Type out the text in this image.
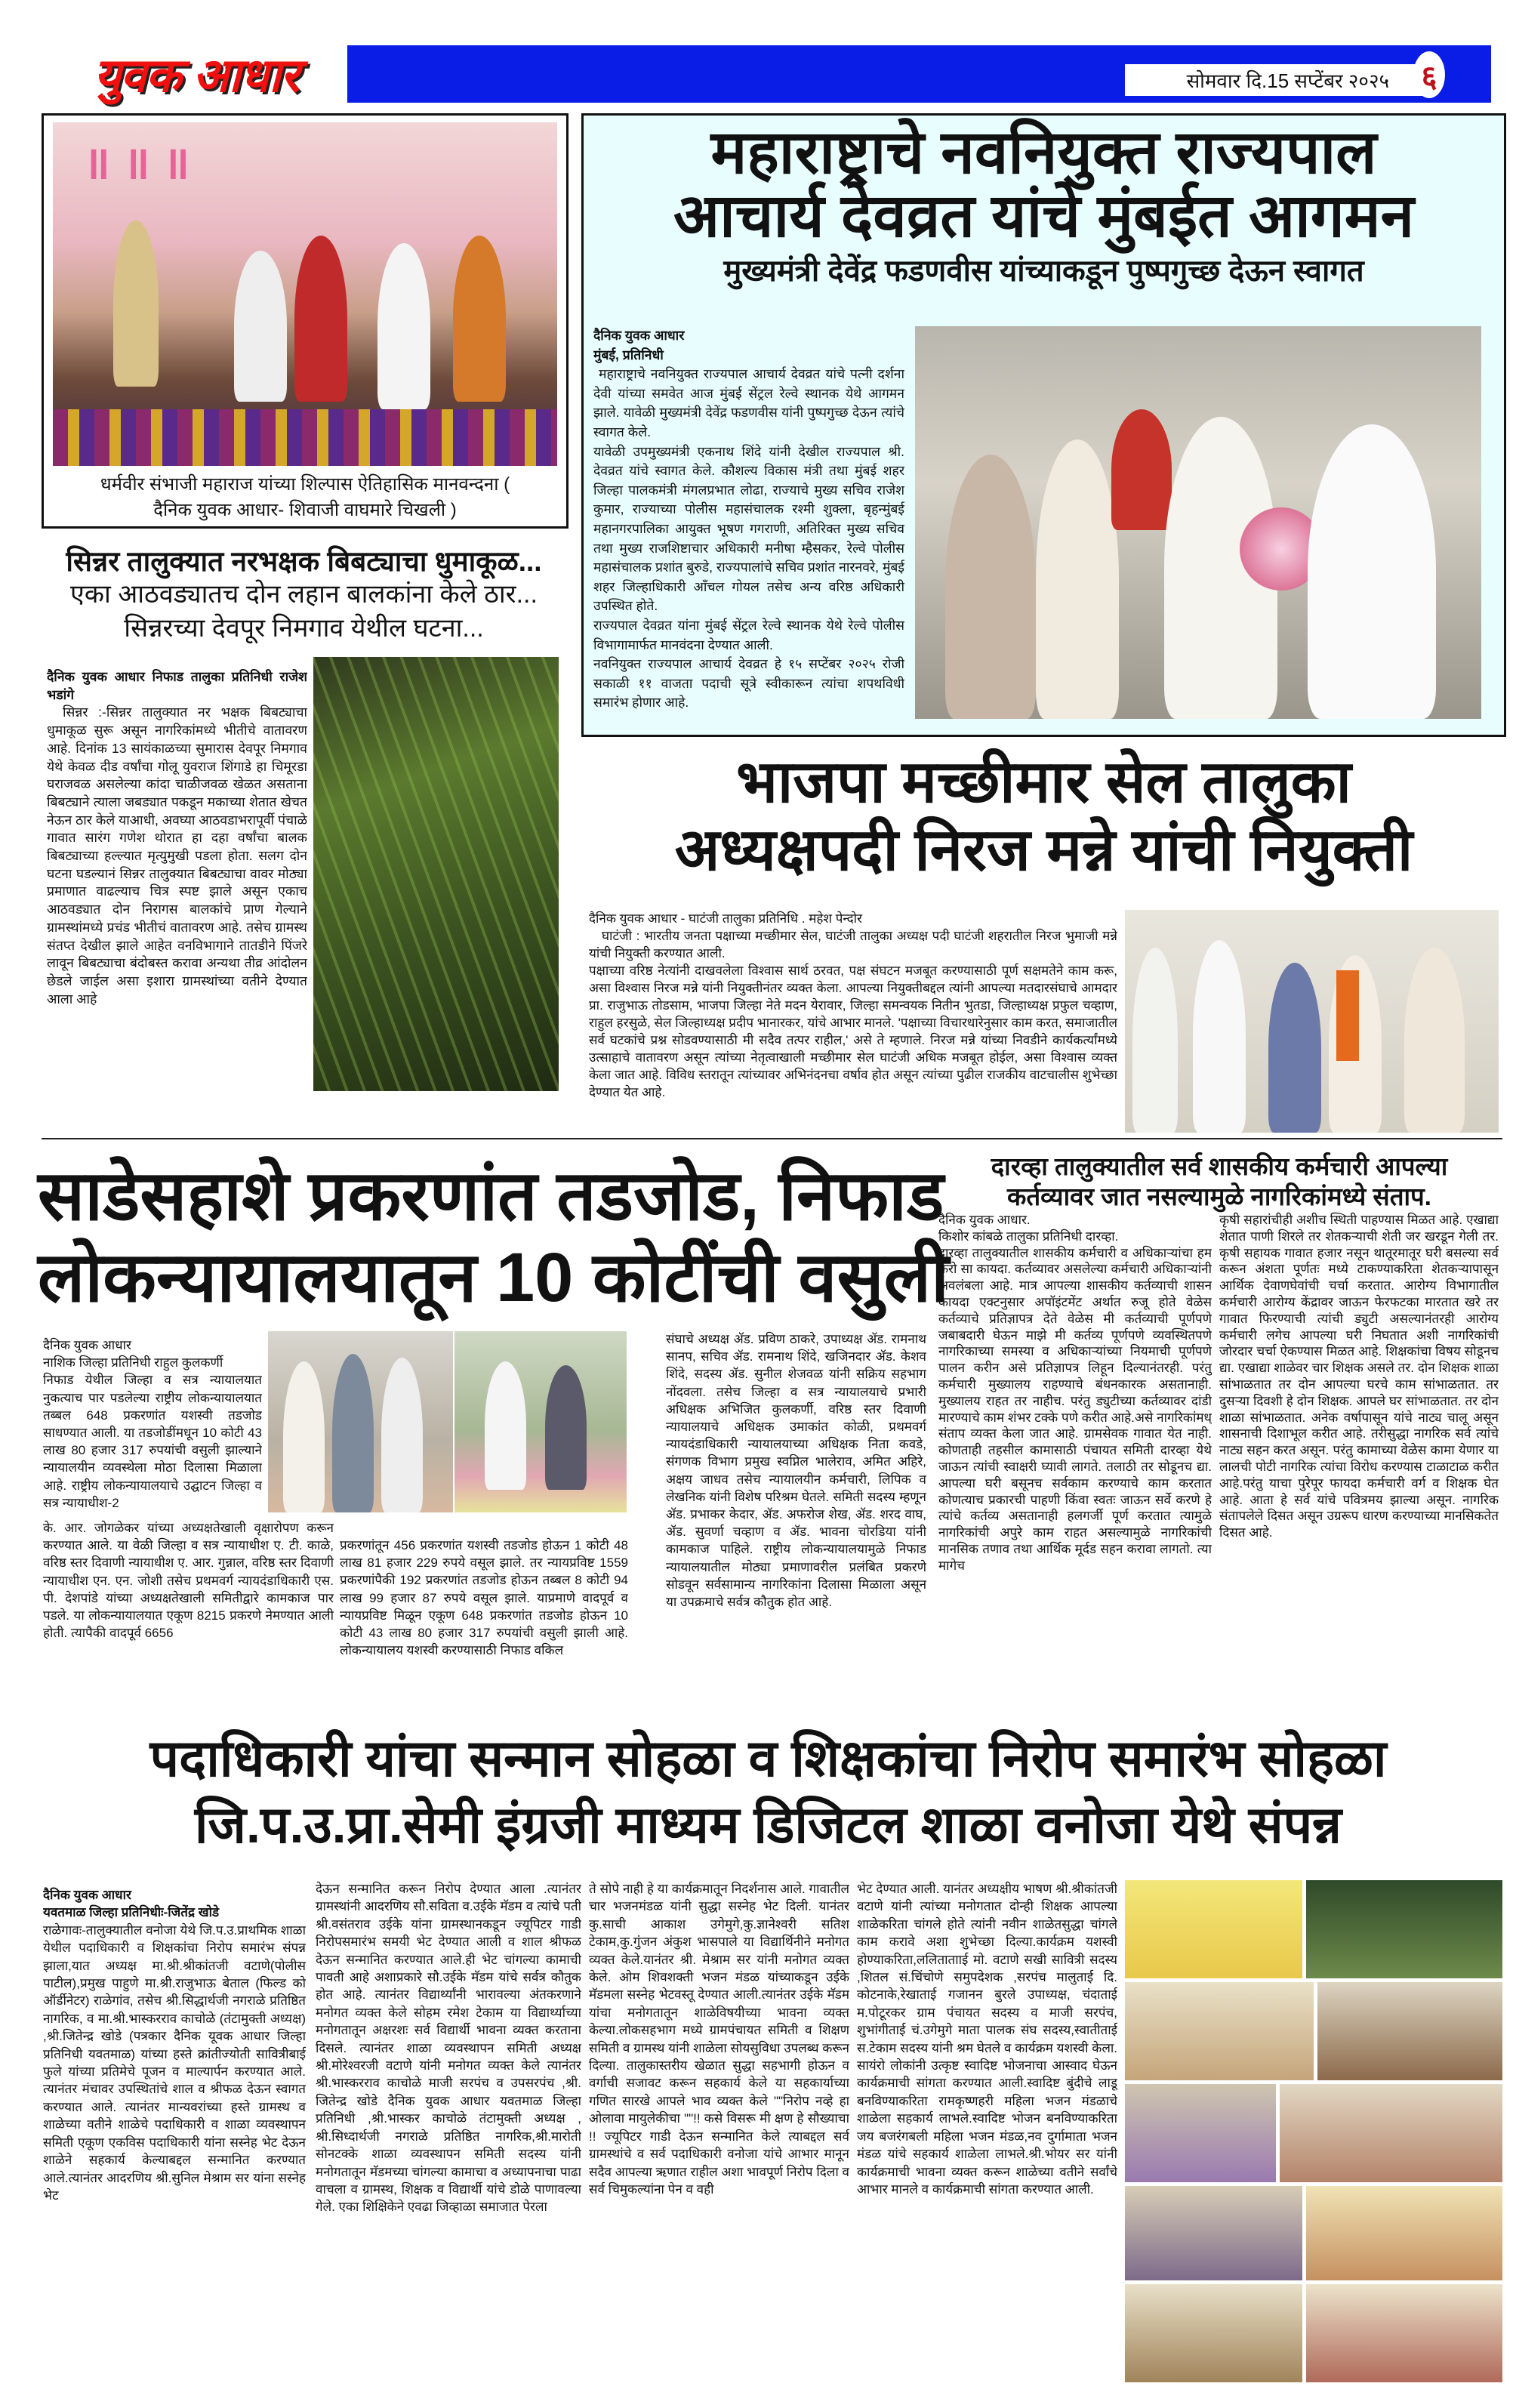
युवक आधार	सोमवार दि.15 सप्टेंबर २०२५ ६
॥ ॥ ॥
धर्मवीर संभाजी महाराज यांच्या शिल्पास ऐतिहासिक मानवन्दना (
दैनिक युवक आधार- शिवाजी वाघमारे चिखली )
सिन्नर तालुक्यात नरभक्षक बिबट्याचा धुमाकूळ...
एका आठवड्यातच दोन लहान बालकांना केले ठार...
सिन्नरच्या देवपूर निमगाव येथील घटना...

दैनिक युवक आधार निफाड तालुका प्रतिनिधी राजेश भडांगे

सिन्नर :-सिन्नर तालुक्यात नर भक्षक बिबट्याचा धुमाकूळ सुरू असून नागरिकांमध्ये भीतीचे वातावरण आहे. दिनांक 13 सायंकाळच्या सुमारास देवपूर निमगाव येथे केवळ दीड वर्षांचा गोलू युवराज शिंगाडे हा चिमूरडा घराजवळ असलेल्या कांदा चाळीजवळ खेळत असताना बिबट्याने त्याला जबड्यात पकडून मकाच्या शेतात खेचत नेऊन ठार केले याआधी, अवघ्या आठवडाभरापूर्वी पंचाळे गावात सारंग गणेश थोरात हा दहा वर्षांचा बालक बिबट्याच्या हल्ल्यात मृत्युमुखी पडला होता. सलग दोन घटना घडल्यानं सिन्नर तालुक्यात बिबट्याचा वावर मोठ्या प्रमाणात वाढल्याच चित्र स्पष्ट झाले असून एकाच आठवड्यात दोन निरागस बालकांचे प्राण गेल्याने ग्रामस्थांमध्ये प्रचंड भीतीचं वातावरण आहे. तसेच ग्रामस्थ संतप्त देखील झाले आहेत वनविभागाने तातडीने पिंजरे लावून बिबट्याचा बंदोबस्त करावा अन्यथा तीव्र आंदोलन छेडले जाईल असा इशारा ग्रामस्थांच्या वतीने देण्यात आला आहे

महाराष्ट्राचे नवनियुक्त राज्यपाल
आचार्य देवव्रत यांचे मुंबईत आगमन
मुख्यमंत्री देवेंद्र फडणवीस यांच्याकडून पुष्पगुच्छ देऊन स्वागत

दैनिक युवक आधार

मुंबई, प्रतिनिधी

महाराष्ट्राचे नवनियुक्त राज्यपाल आचार्य देवव्रत यांचे पत्नी दर्शना देवी यांच्या समवेत आज मुंबई सेंट्रल रेल्वे स्थानक येथे आगमन झाले. यावेळी मुख्यमंत्री देवेंद्र फडणवीस यांनी पुष्पगुच्छ देऊन त्यांचे स्वागत केले.

यावेळी उपमुख्यमंत्री एकनाथ शिंदे यांनी देखील राज्यपाल श्री. देवव्रत यांचे स्वागत केले. कौशल्य विकास मंत्री तथा मुंबई शहर जिल्हा पालकमंत्री मंगलप्रभात लोढा, राज्याचे मुख्य सचिव राजेश कुमार, राज्याच्या पोलीस महासंचालक रश्मी शुक्ला, बृहन्मुंबई महानगरपालिका आयुक्त भूषण गगराणी, अतिरिक्त मुख्य सचिव तथा मुख्य राजशिष्टाचार अधिकारी मनीषा म्हैसकर, रेल्वे पोलीस महासंचालक प्रशांत बुरुडे, राज्यपालांचे सचिव प्रशांत नारनवरे, मुंबई शहर जिल्हाधिकारी आँचल गोयल तसेच अन्य वरिष्ठ अधिकारी उपस्थित होते.

राज्यपाल देवव्रत यांना मुंबई सेंट्रल रेल्वे स्थानक येथे रेल्वे पोलीस विभागामार्फत मानवंदना देण्यात आली.

नवनियुक्त राज्यपाल आचार्य देवव्रत हे १५ सप्टेंबर २०२५ रोजी सकाळी ११ वाजता पदाची सूत्रे स्वीकारून त्यांचा शपथविधी समारंभ होणार आहे.

भाजपा मच्छीमार सेल तालुका
अध्यक्षपदी निरज मन्ने यांची नियुक्ती

दैनिक युवक आधार - घाटंजी तालुका प्रतिनिधि . महेश पेन्दोर

घाटंजी : भारतीय जनता पक्षाच्या मच्छीमार सेल, घाटंजी तालुका अध्यक्ष पदी घाटंजी शहरातील निरज भुमाजी मन्ने यांची नियुक्ती करण्यात आली.

पक्षाच्या वरिष्ठ नेत्यांनी दाखवलेला विश्वास सार्थ ठरवत, पक्ष संघटन मजबूत करण्यासाठी पूर्ण सक्षमतेने काम करू, असा विश्वास निरज मन्ने यांनी नियुक्तीनंतर व्यक्त केला. आपल्या नियुक्तीबद्दल त्यांनी आपल्या मतदारसंघाचे आमदार प्रा. राजुभाऊ तोडसाम, भाजपा जिल्हा नेते मदन येरावार, जिल्हा समन्वयक नितीन भुतडा, जिल्हाध्यक्ष प्रफुल चव्हाण, राहुल हरसुळे, सेल जिल्हाध्यक्ष प्रदीप भानारकर, यांचे आभार मानले. 'पक्षाच्या विचारधारेनुसार काम करत, समाजातील सर्व घटकांचे प्रश्न सोडवण्यासाठी मी सदैव तत्पर राहील,' असे ते म्हणाले. निरज मन्ने यांच्या निवडीने कार्यकर्त्यांमध्ये उत्साहाचे वातावरण असून त्यांच्या नेतृत्वाखाली मच्छीमार सेल घाटंजी अधिक मजबूत होईल, असा विश्वास व्यक्त केला जात आहे. विविध स्तरातून त्यांच्यावर अभिनंदनचा वर्षाव होत असून त्यांच्या पुढील राजकीय वाटचालीस शुभेच्छा देण्यात येत आहे.

साडेसहाशे प्रकरणांत तडजोड, निफाड
लोकन्यायालयातून 10 कोटींची वसुली

दैनिक युवक आधार

नाशिक जिल्हा प्रतिनिधी राहुल कुलकर्णी

निफाड येथील जिल्हा व सत्र न्यायालयात नुकत्याच पार पडलेल्या राष्ट्रीय लोकन्यायालयात तब्बल 648 प्रकरणांत यशस्वी तडजोड साधण्यात आली. या तडजोडींमधून 10 कोटी 43 लाख 80 हजार 317 रुपयांची वसुली झाल्याने न्यायालयीन व्यवस्थेला मोठा दिलासा मिळाला आहे. राष्ट्रीय लोकन्यायालयाचे उद्घाटन जिल्हा व सत्र न्यायाधीश-2

के. आर. जोगळेकर यांच्या अध्यक्षतेखाली वृक्षारोपण करून करण्यात आले. या वेळी जिल्हा व सत्र न्यायाधीश ए. टी. काळे, वरिष्ठ स्तर दिवाणी न्यायाधीश ए. आर. गुन्नाल, वरिष्ठ स्तर दिवाणी न्यायाधीश एन. एन. जोशी तसेच प्रथमवर्ग न्यायदंडाधिकारी एस. पी. देशपांडे यांच्या अध्यक्षतेखाली समितीद्वारे कामकाज पार पडले. या लोकन्यायालयात एकूण 8215 प्रकरणे नेमण्यात आली होती. त्यापैकी वादपूर्व 6656

प्रकरणांतून 456 प्रकरणांत यशस्वी तडजोड होऊन 1 कोटी 48 लाख 81 हजार 229 रुपये वसूल झाले. तर न्यायप्रविष्ट 1559 प्रकरणांपैकी 192 प्रकरणांत तडजोड होऊन तब्बल 8 कोटी 94 लाख 99 हजार 87 रुपये वसूल झाले. याप्रमाणे वादपूर्व व न्यायप्रविष्ट मिळून एकूण 648 प्रकरणांत तडजोड होऊन 10 कोटी 43 लाख 80 हजार 317 रुपयांची वसुली झाली आहे. लोकन्यायालय यशस्वी करण्यासाठी निफाड वकिल

संघाचे अध्यक्ष ॲड. प्रविण ठाकरे, उपाध्यक्ष ॲड. रामनाथ सानप, सचिव ॲड. रामनाथ शिंदे, खजिनदार ॲड. केशव शिंदे, सदस्य ॲड. सुनील शेजवळ यांनी सक्रिय सहभाग नोंदवला. तसेच जिल्हा व सत्र न्यायालयाचे प्रभारी अधिक्षक अभिजित कुलकर्णी, वरिष्ठ स्तर दिवाणी न्यायालयाचे अधिक्षक उमाकांत कोळी, प्रथमवर्ग न्यायदंडाधिकारी न्यायालयाच्या अधिक्षक निता कवडे, संगणक विभाग प्रमुख स्वप्निल भालेराव, अमित अहिरे, अक्षय जाधव तसेच न्यायालयीन कर्मचारी, लिपिक व लेखनिक यांनी विशेष परिश्रम घेतले. समिती सदस्य म्हणून ॲड. प्रभाकर केदार, ॲड. अफरोज शेख, ॲड. शरद वाघ, ॲड. सुवर्णा चव्हाण व ॲड. भावना चोरडिया यांनी कामकाज पाहिले. राष्ट्रीय लोकन्यायालयामुळे निफाड न्यायालयातील मोठ्या प्रमाणावरील प्रलंबित प्रकरणे सोडवून सर्वसामान्य नागरिकांना दिलासा मिळाला असून या उपक्रमाचे सर्वत्र कौतुक होत आहे.

दारव्हा तालुक्यातील सर्व शासकीय कर्मचारी आपल्या
कर्तव्यावर जात नसल्यामुळे नागरिकांमध्ये संताप.

दैनिक युवक आधार.

किशोर कांबळे तालुका प्रतिनिधी दारव्हा.

दारव्हा तालुक्यातील शासकीय कर्मचारी व अधिकाऱ्यांचा हम करो सा कायदा. कर्तव्यावर असलेल्या कर्मचारी अधिकाऱ्यांनी अवलंबला आहे. मात्र आपल्या शासकीय कर्तव्याची शासन कायदा एक्टनुसार अपॉइंटमेंट अर्थात रुजू होते वेळेस कर्तव्याचे प्रतिज्ञापत्र देते वेळेस मी कर्तव्याची पूर्णपणे जबाबदारी घेऊन माझे मी कर्तव्य पूर्णपणे व्यवस्थितपणे नागरिकाच्या समस्या व अधिकाऱ्यांच्या नियमाची पूर्णपणे पालन करीन असे प्रतिज्ञापत्र लिहून दिल्यानंतरही. परंतु कर्मचारी मुख्यालय राहण्याचे बंधनकारक असतानाही. मुख्यालय राहत तर नाहीच. परंतु ड्युटीच्या कर्तव्यावर दांडी मारण्याचे काम शंभर टक्के पणे करीत आहे.असे नागरिकांमध् संताप व्यक्त केला जात आहे. ग्रामसेवक गावात येत नाही. कोणताही तहसील कामासाठी पंचायत समिती दारव्हा येथे जाऊन त्यांची स्वाक्षरी घ्यावी लागते. तलाठी तर सोडूनच द्या. आपल्या घरी बसूनच सर्वकाम करण्याचे काम करतात कोणत्याच प्रकारची पाहणी किंवा स्वतः जाऊन सर्वे करणे हे त्यांचे कर्तव्य असतानाही हलगर्जी पूर्ण करतात त्यामुळे नागरिकांची अपुरे काम राहत असल्यामुळे नागरिकांची मानसिक तणाव तथा आर्थिक मूर्दड सहन करावा लागतो. त्या मागेच

कृषी सहारांचीही अशीच स्थिती पाहण्यास मिळत आहे. एखाद्या शेतात पाणी शिरले तर शेतकऱ्याची शेती जर खरडून गेली तर. कृषी सहायक गावात हजार नसून थातूरमातूर घरी बसल्या सर्व करून अंशता पूर्णतः मध्ये टाकण्याकरिता शेतकऱ्यापासून आर्थिक देवाणघेवांची चर्चा करतात. आरोग्य विभागातील कर्मचारी आरोग्य केंद्रावर जाऊन फेरफटका मारतात खरे तर गावात फिरण्याची त्यांची ड्युटी असल्यानंतरही आरोग्य कर्मचारी लगेच आपल्या घरी निघतात अशी नागरिकांची जोरदार चर्चा ऐकण्यास मिळत आहे. शिक्षकांचा विषय सोडूनच द्या. एखाद्या शाळेवर चार शिक्षक असले तर. दोन शिक्षक शाळा सांभाळतात तर दोन आपल्या घरचे काम सांभाळतात. तर दुसऱ्या दिवशी हे दोन शिक्षक. आपले घर सांभाळतात. तर दोन शाळा सांभाळतात. अनेक वर्षापासून यांचे नाट्य चालू असून शासनाची दिशाभूल करीत आहे. तरीसुद्धा नागरिक सर्व त्यांचे नाट्य सहन करत असून. परंतु कामाच्या वेळेस कामा येणार या लालची पोटी नागरिक त्यांचा विरोध करण्यास टाळाटाळ करीत आहे.परंतु याचा पुरेपूर फायदा कर्मचारी वर्ग व शिक्षक घेत आहे. आता हे सर्व यांचे पवित्रमय झाल्या असून. नागरिक संतापलेले दिसत असून उग्ररूप धारण करण्याच्या मानसिकतेत दिसत आहे.

पदाधिकारी यांचा सन्मान सोहळा व शिक्षकांचा निरोप समारंभ सोहळा
जि.प.उ.प्रा.सेमी इंग्रजी माध्यम डिजिटल शाळा वनोजा येथे संपन्न

दैनिक युवक आधार

यवतमाळ जिल्हा प्रतिनिधीः-जितेंद्र खोडे

राळेगावः-तालुक्यातील वनोजा येथे जि.प.उ.प्राथमिक शाळा येथील पदाधिकारी व शिक्षकांचा निरोप समारंभ संपन्न झाला,यात अध्यक्ष मा.श्री.श्रीकांतजी वटाणे(पोलीस पाटील),प्रमुख पाहुणे मा.श्री.राजुभाऊ बेताल (फिल्ड को ऑर्डीनेटर) राळेगांव, तसेच श्री.सिद्धार्थजी नगराळे प्रतिष्ठित नागरिक, व मा.श्री.भास्करराव काचोळे (तंटामुक्ती अध्यक्ष) ,श्री.जितेन्द्र खोडे (पत्रकार दैनिक यूवक आधार जिल्हा प्रतिनिधी यवतमाळ) यांच्या हस्ते क्रांतीज्योती सावित्रीबाई फुले यांच्या प्रतिमेचे पूजन व माल्यार्पन करण्यात आले. त्यानंतर मंचावर उपस्थितांचे शाल व श्रीफळ देऊन स्वागत करण्यात आले. त्यानंतर मान्यवरांच्या हस्ते ग्रामस्थ व शाळेच्या वतीने शाळेचे पदाधिकारी व शाळा व्यवस्थापन समिती एकूण एकविस पदाधिकारी यांना सस्नेह भेट देऊन शाळेने सहकार्य केल्याबद्दल सन्मानित करण्यात आले.त्यानंतर आदरणिय श्री.सुनिल मेश्राम सर यांना सस्नेह भेट

देऊन सन्मानित करून निरोप देण्यात आला .त्यानंतर ग्रामस्थांनी आदरणिय सौ.सविता व.उईके मॅडम व त्यांचे पती श्री.वसंतराव उईके यांना ग्रामस्थानकडून ज्यूपिटर गाडी निरोपसमारंभ समयी भेट देण्यात आली व शाल श्रीफळ देऊन सन्मानित करण्यात आले.ही भेट चांगल्या कामाची पावती आहे अशाप्रकारे सौ.उईके मॅडम यांचे सर्वत्र कौतुक होत आहे. त्यानंतर विद्यार्थ्यांनी भारावल्या अंतकरणाने मनोगत व्यक्त केले सोहम रमेश टेकाम या विद्यार्थ्याच्या मनोगतातून अक्षरशः सर्व विद्यार्थी भावना व्यक्त करताना दिसले. त्यानंतर शाळा व्यवस्थापन समिती अध्यक्ष श्री.मोरेश्वरजी वटाणे यांनी मनोगत व्यक्त केले त्यानंतर श्री.भास्करराव काचोळे माजी सरपंच व उपसरपंच ,श्री. जितेन्द्र खोडे दैनिक युवक आधार यवतमाळ जिल्हा प्रतिनिधी ,श्री.भास्कर काचोळे तंटामुक्ती अध्यक्ष , श्री.सिध्दार्थजी नगराळे प्रतिष्ठित नागरिक,श्री.मारोती सोनटक्के शाळा व्यवस्थापन समिती सदस्य यांनी मनोगतातून मॅडमच्या चांगल्या कामाचा व अध्यापनाचा पाढा वाचला व ग्रामस्थ, शिक्षक व विद्यार्थी यांचे डोळे पाणावल्या गेले. एका शिक्षिकेने एवढा जिव्हाळा समाजात पेरला

ते सोपे नाही हे या कार्यक्रमातून निदर्शनास आले. गावातील चार भजनमंडळ यांनी सुद्धा सस्नेह भेट दिली. यानंतर कु.साची आकाश उगेमुगे,कु.ज्ञानेश्वरी सतिश टेकाम,कु.गुंजन अंकुश भासपाले या विद्यार्थिनीने मनोगत व्यक्त केले.यानंतर श्री. मेश्राम सर यांनी मनोगत व्यक्त केले. ओम शिवशक्ती भजन मंडळ यांच्याकडून उईके मॅडमला सस्नेह भेटवस्तू देण्यात आली.त्यानंतर उईके मॅडम यांचा मनोगतातून शाळेविषयीच्या भावना व्यक्त केल्या.लोकसहभाग मध्ये ग्रामपंचायत समिती व शिक्षण समिती व ग्रामस्थ यांनी शाळेला सोयसुविधा उपलब्ध करून दिल्या. तालुकास्तरीय खेळात सुद्धा सहभागी होऊन व वर्गाची सजावट करून सहकार्य केले या सहकार्याच्या गणित सारखे आपले भाव व्यक्त केले ""निरोप नव्हे हा ओलावा मायुलेकीचा ""!! कसे विसरू मी क्षण हे सौख्याचा !! ज्यूपिटर गाडी देऊन सन्मानित केले त्याबद्दल सर्व ग्रामस्थांचे व सर्व पदाधिकारी वनोजा यांचे आभार मानून सदैव आपल्या ऋणात राहील अशा भावपूर्ण निरोप दिला व सर्व चिमुकल्यांना पेन व वही

भेट देण्यात आली. यानंतर अध्यक्षीय भाषण श्री.श्रीकांतजी वटाणे यांनी त्यांच्या मनोगतात दोन्ही शिक्षक आपल्या शाळेकरिता चांगले होते त्यांनी नवीन शाळेतसुद्धा चांगले काम करावे अशा शुभेच्छा दिल्या.कार्यक्रम यशस्वी होण्याकरिता,ललितातााई मो. वटाणे सखी सावित्री सदस्य ,शितल सं.चिंचोणे समुपदेशक ,सरपंच मालुताई दि. कोटनाके,रेखाताई गजानन बुरले उपाध्यक्ष, चंदाताई म.पोटूरकर ग्राम पंचायत सदस्य व माजी सरपंच, शुभांगीताई चं.उगेमुगे माता पालक संघ सदस्य,स्वातीताई स.टेकाम सदस्य यांनी श्रम घेतले व कार्यक्रम यशस्वी केला. सायंरो लोकांनी उत्कृष्ट स्वादिष्ट भोजनाचा आस्वाद घेऊन कार्यक्रमाची सांगता करण्यात आली.स्वादिष्ट बुंदीचे लाडू बनविण्याकरिता रामकृष्णहरी महिला भजन मंडळाचे शाळेला सहकार्य लाभले.स्वादिष्ट भोजन बनविण्याकरिता जय बजरंगबली महिला भजन मंडळ,नव दुर्गामाता भजन मंडळ यांचे सहकार्य शाळेला लाभले.श्री.भोयर सर यांनी कार्यक्रमाची भावना व्यक्त करून शाळेच्या वतीने सर्वांचे आभार मानले व कार्यक्रमाची सांगता करण्यात आली.
